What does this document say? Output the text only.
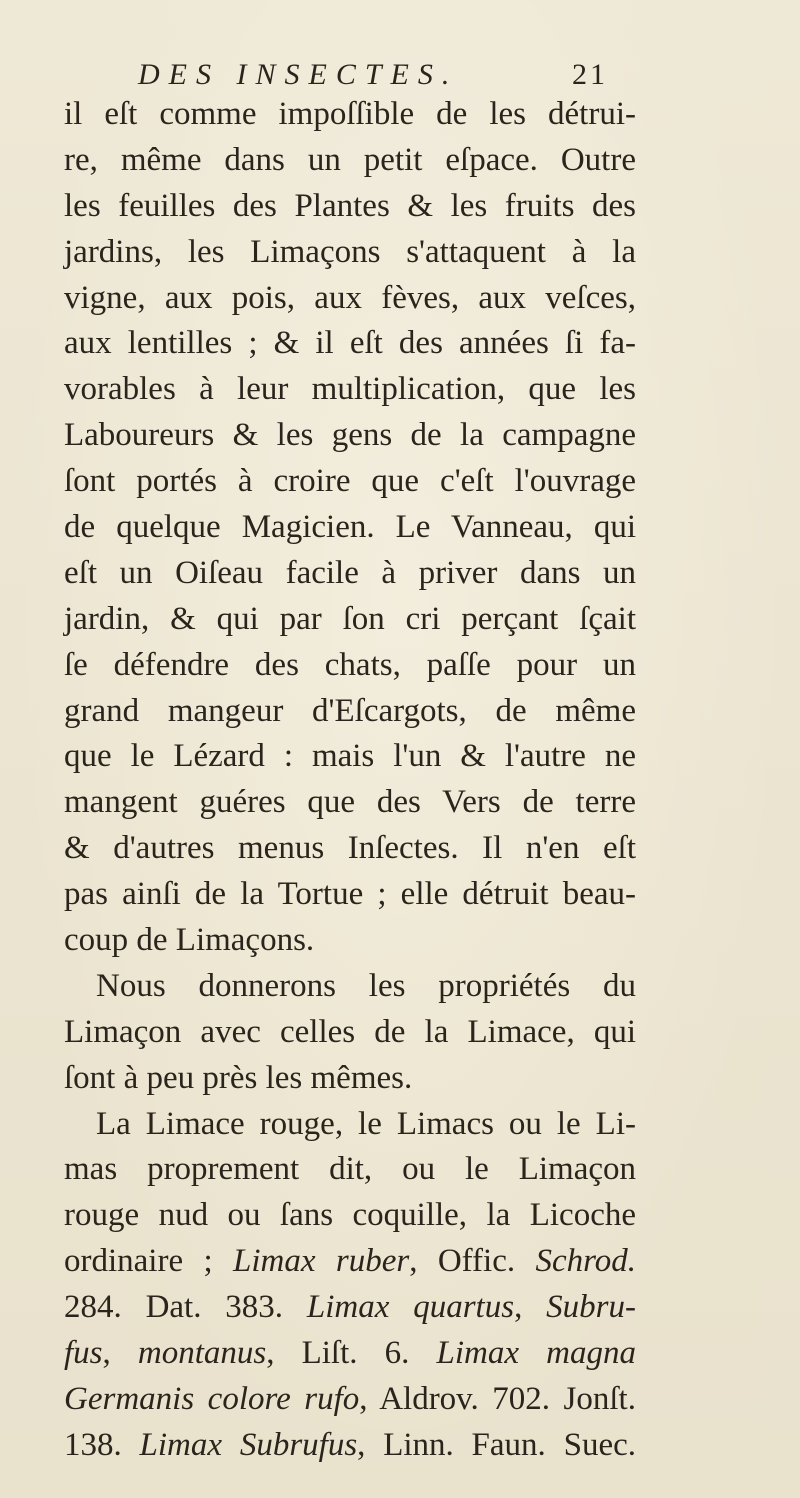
DES INSECTES.	21
il eſt comme impoſſible de les détrui-
re, même dans un petit eſpace. Outre
les feuilles des Plantes & les fruits des
jardins, les Limaçons s'attaquent à la
vigne, aux pois, aux fèves, aux veſces,
aux lentilles ; & il eſt des années ſi fa-
vorables à leur multiplication, que les
Laboureurs & les gens de la campagne
ſont portés à croire que c'eſt l'ouvrage
de quelque Magicien. Le Vanneau, qui
eſt un Oiſeau facile à priver dans un
jardin, & qui par ſon cri perçant ſçait
ſe défendre des chats, paſſe pour un
grand mangeur d'Eſcargots, de même
que le Lézard : mais l'un & l'autre ne
mangent guéres que des Vers de terre
& d'autres menus Inſectes. Il n'en eſt
pas ainſi de la Tortue ; elle détruit beau-
coup de Limaçons.
Nous donnerons les propriétés du
Limaçon avec celles de la Limace, qui
ſont à peu près les mêmes.
La Limace rouge, le Limacs ou le Li-
mas proprement dit, ou le Limaçon
rouge nud ou ſans coquille, la Licoche
ordinaire ; Limax ruber, Offic. Schrod.
284. Dat. 383. Limax quartus, Subru-
fus, montanus, Liſt. 6. Limax magna
Germanis colore rufo, Aldrov. 702. Jonſt.
138. Limax Subrufus, Linn. Faun. Suec.
